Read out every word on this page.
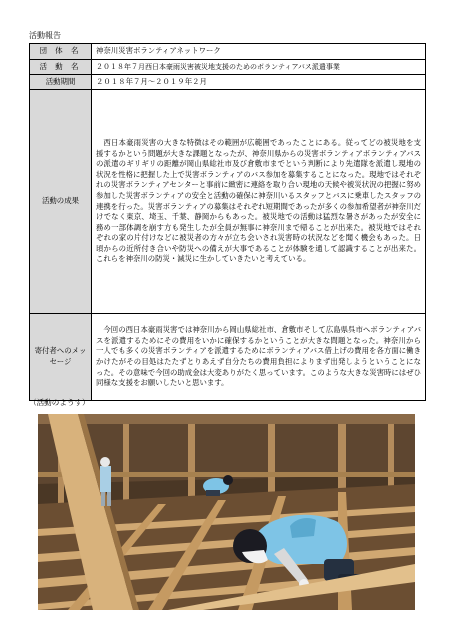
活動報告
団 体 名	神奈川災害ボランティアネットワーク
活 動 名	２０１８年７月西日本豪雨災害被災地支援のためのボランティアバス派遣事業
活動期間	２０１８年７月～２０１９年２月
活動の成果	西日本豪雨災害の大きな特徴はその範囲が広範囲であったことにある。従ってどの被災地を支援するかという問題が大きな課題となったが、神奈川県からの災害ボランティアボランティアバスの派遣のギリギリの距離が岡山県総社市及び倉敷市までという判断により先遣隊を派遣し現地の状況を性格に把握した上で災害ボランティアのバス参加を募集することになった。現地ではそれぞれの災害ボランティアセンターと事前に緻密に連絡を取り合い現地の天候や被災状況の把握に努め参加した災害ボランティアの安全と活動の確保に神奈川いるスタッフとバスに乗車したスタッフの連携を行った。災害ボランティアの募集はそれぞれ短期間であったが多くの参加希望者が神奈川だけでなく東京、埼玉、千葉、静岡からもあった。被災地での活動は猛烈な暑さがあったが安全に務め一部体調を崩す方も発生したが全員が無事に神奈川まで帰ることが出来た。被災地ではそれぞれの家の片付けなどに被災者の方々が立ち会いされ災害時の状況などを聞く機会もあった。日頃からの近所付き合いや防災への備えが大事であることが体験を通して認識することが出来た。これらを神奈川の防災・減災に生かしていきたいと考えている。

寄付者へのメッセージ	今回の西日本豪雨災害では神奈川から岡山県総社市、倉敷市そして広島県呉市へボランティアバスを派遣するためにその費用をいかに確保するかということが大きな問題となった。神奈川から一人でも多くの災害ボランティアを派遣するためにボランティアバス借上げの費用を各方面に働きかけたがその目処はたたずとりあえず自分たちの費用負担によりまず出発しようということになった。その意味で今回の助成金は大変ありがたく思っています。このような大きな災害時にはぜひ同様な支援をお願いしたいと思います。

（活動のようす）
